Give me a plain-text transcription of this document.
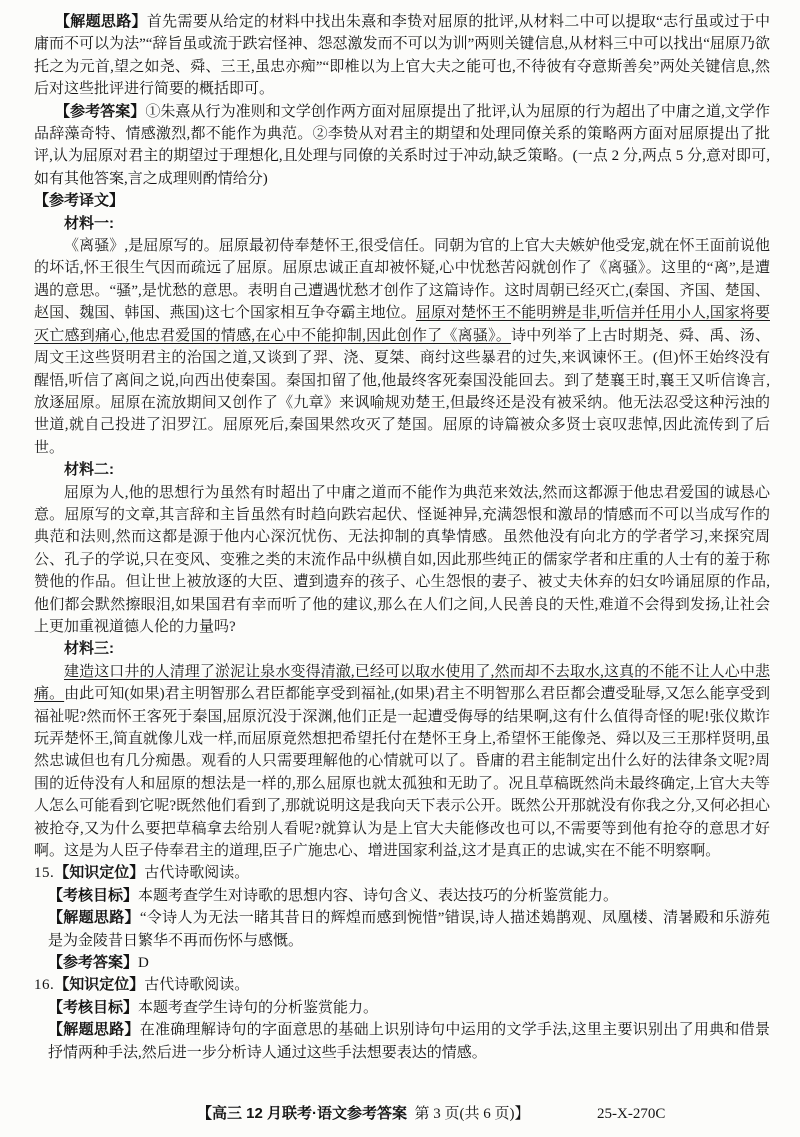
【解题思路】首先需要从给定的材料中找出朱熹和李贽对屈原的批评,从材料二中可以提取“志行虽或过于中庸而不可以为法”“辞旨虽或流于跌宕怪神、怨怼激发而不可以为训”两则关键信息,从材料三中可以找出“屈原乃欲托之为元首,望之如尧、舜、三王,虽忠亦痴”“即椎以为上官大夫之能可也,不待彼有夺意斯善矣”两处关键信息,然后对这些批评进行简要的概括即可。

【参考答案】①朱熹从行为准则和文学创作两方面对屈原提出了批评,认为屈原的行为超出了中庸之道,文学作品辞藻奇特、情感激烈,都不能作为典范。②李贽从对君主的期望和处理同僚关系的策略两方面对屈原提出了批评,认为屈原对君主的期望过于理想化,且处理与同僚的关系时过于冲动,缺乏策略。(一点 2 分,两点 5 分,意对即可,如有其他答案,言之成理则酌情给分)

【参考译文】

材料一:

《离骚》,是屈原写的。屈原最初侍奉楚怀王,很受信任。同朝为官的上官大夫嫉妒他受宠,就在怀王面前说他的坏话,怀王很生气因而疏远了屈原。屈原忠诚正直却被怀疑,心中忧愁苦闷就创作了《离骚》。这里的“离”,是遭遇的意思。“骚”,是忧愁的意思。表明自己遭遇忧愁才创作了这篇诗作。这时周朝已经灭亡,(秦国、齐国、楚国、赵国、魏国、韩国、燕国)这七个国家相互争夺霸主地位。屈原对楚怀王不能明辨是非,听信并任用小人,国家将要灭亡感到痛心,他忠君爱国的情感,在心中不能抑制,因此创作了《离骚》。诗中列举了上古时期尧、舜、禹、汤、周文王这些贤明君主的治国之道,又谈到了羿、浇、夏桀、商纣这些暴君的过失,来讽谏怀王。(但)怀王始终没有醒悟,听信了离间之说,向西出使秦国。秦国扣留了他,他最终客死秦国没能回去。到了楚襄王时,襄王又听信谗言,放逐屈原。屈原在流放期间又创作了《九章》来讽喻规劝楚王,但最终还是没有被采纳。他无法忍受这种污浊的世道,就自己投进了汨罗江。屈原死后,秦国果然攻灭了楚国。屈原的诗篇被众多贤士哀叹悲悼,因此流传到了后世。

材料二:

屈原为人,他的思想行为虽然有时超出了中庸之道而不能作为典范来效法,然而这都源于他忠君爱国的诚恳心意。屈原写的文章,其言辞和主旨虽然有时趋向跌宕起伏、怪诞神异,充满怨恨和激昂的情感而不可以当成写作的典范和法则,然而这都是源于他内心深沉忧伤、无法抑制的真挚情感。虽然他没有向北方的学者学习,来探究周公、孔子的学说,只在变风、变雅之类的末流作品中纵横自如,因此那些纯正的儒家学者和庄重的人士有的羞于称赞他的作品。但让世上被放逐的大臣、遭到遗弃的孩子、心生怨恨的妻子、被丈夫休弃的妇女吟诵屈原的作品,他们都会默然擦眼泪,如果国君有幸而听了他的建议,那么在人们之间,人民善良的天性,难道不会得到发扬,让社会上更加重视道德人伦的力量吗?

材料三:

建造这口井的人清理了淤泥让泉水变得清澈,已经可以取水使用了,然而却不去取水,这真的不能不让人心中悲痛。由此可知(如果)君主明智那么君臣都能享受到福祉,(如果)君主不明智那么君臣都会遭受耻辱,又怎么能享受到福祉呢?然而怀王客死于秦国,屈原沉没于深渊,他们正是一起遭受侮辱的结果啊,这有什么值得奇怪的呢!张仪欺诈玩弄楚怀王,简直就像儿戏一样,而屈原竟然想把希望托付在楚怀王身上,希望怀王能像尧、舜以及三王那样贤明,虽然忠诚但也有几分痴愚。观看的人只需要理解他的心情就可以了。昏庸的君主能制定出什么好的法律条文呢?周围的近侍没有人和屈原的想法是一样的,那么屈原也就太孤独和无助了。况且草稿既然尚未最终确定,上官大夫等人怎么可能看到它呢?既然他们看到了,那就说明这是我向天下表示公开。既然公开那就没有你我之分,又何必担心被抢夺,又为什么要把草稿拿去给别人看呢?就算认为是上官大夫能修改也可以,不需要等到他有抢夺的意思才好啊。这是为人臣子侍奉君主的道理,臣子广施忠心、增进国家利益,这才是真正的忠诚,实在不能不明察啊。

15.【知识定位】古代诗歌阅读。

【考核目标】本题考查学生对诗歌的思想内容、诗句含义、表达技巧的分析鉴赏能力。

【解题思路】“令诗人为无法一睹其昔日的辉煌而感到惋惜”错误,诗人描述鳷鹊观、凤凰楼、清暑殿和乐游苑是为金陵昔日繁华不再而伤怀与感慨。

【参考答案】D

16.【知识定位】古代诗歌阅读。

【考核目标】本题考查学生诗句的分析鉴赏能力。

【解题思路】在准确理解诗句的字面意思的基础上识别诗句中运用的文学手法,这里主要识别出了用典和借景抒情两种手法,然后进一步分析诗人通过这些手法想要表达的情感。

【高三 12 月联考·语文参考答案 第 3 页(共 6 页)】	25-X-270C
